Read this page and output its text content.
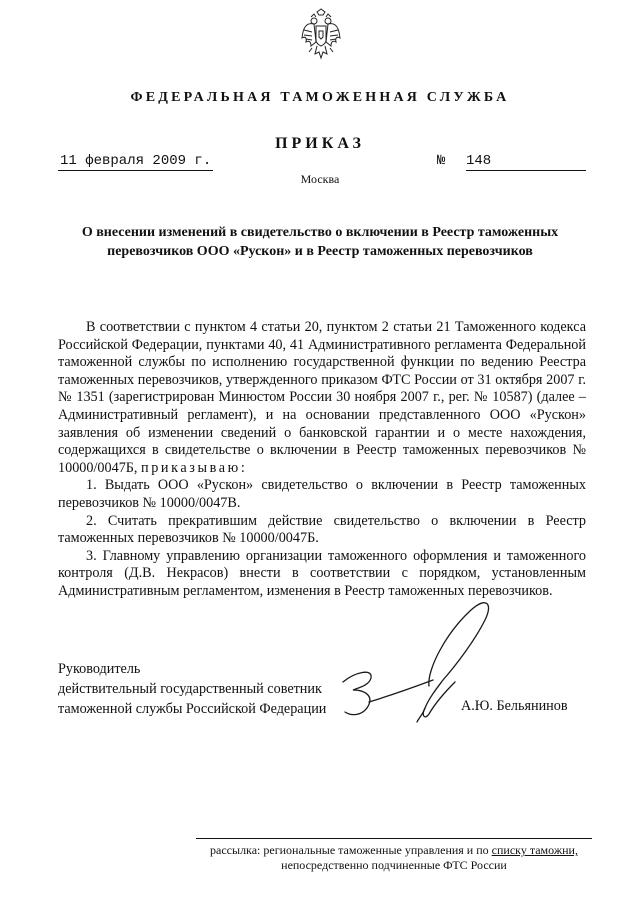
ФЕДЕРАЛЬНАЯ ТАМОЖЕННАЯ СЛУЖБА
ПРИКАЗ
11 февраля 2009 г.	№ 148
Москва
О внесении изменений в свидетельство о включении в Реестр таможенных перевозчиков ООО «Рускон» и в Реестр таможенных перевозчиков

В соответствии с пунктом 4 статьи 20, пунктом 2 статьи 21 Таможенного кодекса Российской Федерации, пунктами 40, 41 Административного регламента Федеральной таможенной службы по исполнению государственной функции по ведению Реестра таможенных перевозчиков, утвержденного приказом ФТС России от 31 октября 2007 г. № 1351 (зарегистрирован Минюстом России 30 ноября 2007 г., рег. № 10587) (далее – Административный регламент), и на основании представленного ООО «Рускон» заявления об изменении сведений о банковской гарантии и о месте нахождения, содержащихся в свидетельстве о включении в Реестр таможенных перевозчиков № 10000/0047Б, приказываю:

1. Выдать ООО «Рускон» свидетельство о включении в Реестр таможенных перевозчиков № 10000/0047В.

2. Считать прекратившим действие свидетельство о включении в Реестр таможенных перевозчиков № 10000/0047Б.

3. Главному управлению организации таможенного оформления и таможенного контроля (Д.В. Некрасов) внести в соответствии с порядком, установленным Административным регламентом, изменения в Реестр таможенных перевозчиков.

Руководитель
действительный государственный советник
таможенной службы Российской Федерации	А.Ю. Бельянинов
рассылка: региональные таможенные управления и по списку таможни,
непосредственно подчиненные ФТС России
